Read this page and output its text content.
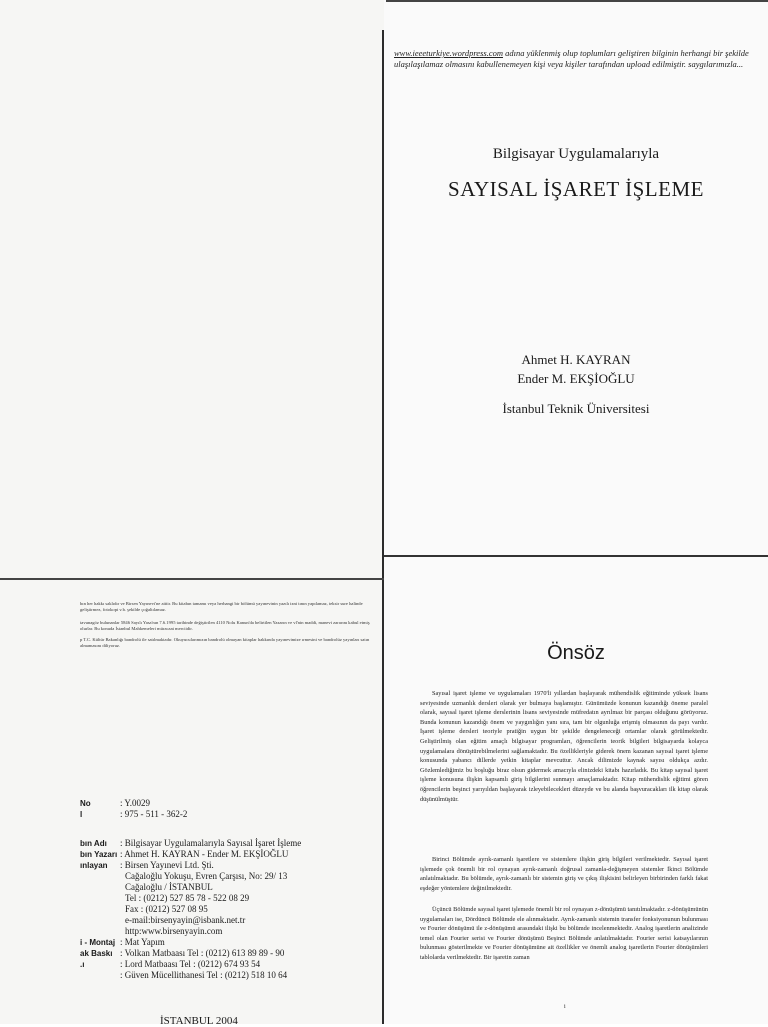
www.ieeeturkiye.wordpress.com adına yüklenmiş olup toplumları geliştiren bilginin herhangi bir şekilde ulaşılaşılamaz olmasını kabullenemeyen kişi veya kişiler tarafından upload edilmiştir. saygılarımızla...
Bilgisayar Uygulamalarıyla
SAYISAL İŞARET İŞLEME
Ahmet H. KAYRAN
Ender M. EKŞİOĞLU
İstanbul Teknik Üniversitesi
bın her hakkı saklıdır ve Birsen Yayınevi'ne aittir. Bu kitabın tamamı veya herhangi bir bölümü yayınevinin yazılı izni tının yapılamaz, teksir sure halinde geliştirmez, fotokopi v.b. şekilde çoğaltılamaz.
tavunagöz bulunanlar 5846 Sayılı Yasa'nın 7.6.1995 tarihinde değiştirilen 4110 Nolu Kanun'da belirtilen Yazarın ve vl'nin maddi, manevi zararını kabul etmiş olurlar. Bu konuda İstanbul Mahkemeleri müracaat merciidir.
p T.C. Kültür Bakanlığı bandrolü ile satılmaktadır. Okuyucularımızın bandrolü olmayan kitaplar hakkında yayınevimize ırmesini ve bandrolüz yayınları satın almamasını diliyoruz.
No	: Y.0029
l	: 975 - 511 - 362-2
bın Adı	: Bilgisayar Uygulamalarıyla Sayısal İşaret İşleme
bın Yazarı : Ahmet H. KAYRAN - Ender M. EKŞİOĞLU
ınlayan	: Birsen Yayınevi Ltd. Şti.
Cağaloğlu Yokuşu, Evren Çarşısı, No: 29/ 13
Cağaloğlu / İSTANBUL
Tel : (0212) 527 85 78 - 522 08 29
Fax : (0212) 527 08 95
e-mail:birsenyayin@isbank.net.tr
http:www.birsenyayin.com
i - Montaj : Mat Yapım
ak Baskı : Volkan Matbaası Tel : (0212) 613 89 89 - 90
.ı	: Lord Matbaası Tel : (0212) 674 93 54
: Güven Mücellithanesi Tel : (0212) 518 10 64
İSTANBUL 2004
Önsöz
Sayısal işaret işleme ve uygulamaları 1970'li yıllardan başlayarak mühendislik eğitiminde yüksek lisans seviyesinde uzmanlık dersleri olarak yer bulmaya başlamıştır. Günümüzde konunun kazandığı öneme paralel olarak, sayısal işaret işleme derslerinin lisans seviyesinde müfredatın ayrılmaz bir parçası olduğunu görüyoruz. Bunda konunun kazandığı önem ve yaygınlığın yanı sıra, tam bir olgunluğa erişmiş olmasının da payı vardır. İşaret işleme dersleri teoriyle pratiğin uygun bir şekilde dengeleneceği ortamlar olarak görülmektedir. Geliştirilmiş olan eğitim amaçlı bilgisayar programları, öğrencilerin teorik bilgileri bilgisayarda kolayca uygulamalara dönüştürebilmelerini sağlamaktadır. Bu özellikleriyle giderek önem kazanan sayısal işaret işleme konusunda yabancı dillerde yetkin kitaplar mevcuttur. Ancak dilimizde kaynak sayısı oldukça azdır. Gözlemlediğimiz bu boşluğu biraz olsun gidermek amacıyla elinizdeki kitabı hazırladık. Bu kitap sayısal işaret işleme konusuna ilişkin kapsamlı giriş bilgilerini sunmayı amaçlamaktadır. Kitap mühendislik eğitimi gören öğrencilerin beşinci yarıyıldan başlayarak izleyebilecekleri düzeyde ve bu alanda başvuracakları ilk kitap olarak düşünülmüştür.
Birinci Bölümde ayrık-zamanlı işaretlere ve sistemlere ilişkin giriş bilgileri verilmektedir. Sayısal işaret işlemede çok önemli bir rol oynayan ayrık-zamanlı doğrusal zamanla-değişmeyen sistemler İkinci Bölümde anlatılmaktadır. Bu bölümde, ayrık-zamanlı bir sistemin giriş ve çıkış ilişkisini belirleyen birbirinden farklı fakat eşdeğer yöntemlere değinilmektedir.
Üçüncü Bölümde sayısal işaret işlemede önemli bir rol oynayan z-dönüşümü tanıtılmaktadır. z-dönüşümünün uygulamaları ise, Dördüncü Bölümde ele alınmaktadır. Ayrık-zamanlı sistemin transfer fonksiyonunun bulunması ve Fourier dönüşümü ile z-dönüşümü arasındaki ilişki bu bölümde incelenmektedir. Analog işaretlerin analizinde temel olan Fourier serisi ve Fourier dönüşümü Beşinci Bölümde anlatılmaktadır. Fourier serisi katsayılarının bulunması gösterilmekte ve Fourier dönüşümüne ait özellikler ve önemli analog işaretlerin Fourier dönüşümleri tablolarda verilmektedir. Bir işaretin zaman
i
